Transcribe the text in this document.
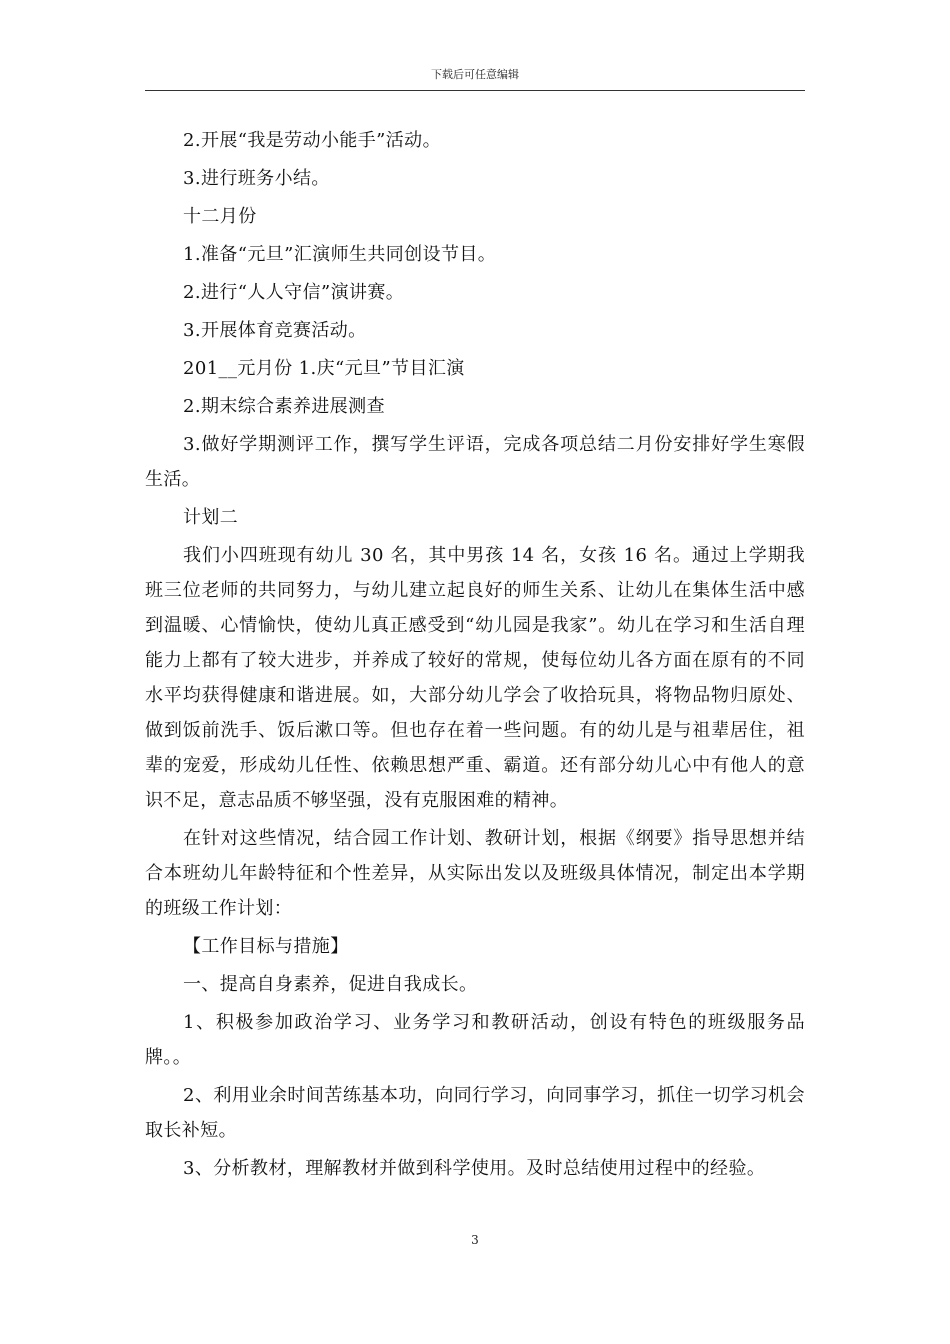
下载后可任意编辑

2.开展“我是劳动小能手”活动。

3.进行班务小结。

十二月份

1.准备“元旦”汇演师生共同创设节目。

2.进行“人人守信”演讲赛。

3.开展体育竞赛活动。

201__元月份 1.庆“元旦”节目汇演

2.期末综合素养进展测查

3.做好学期测评工作，撰写学生评语，完成各项总结二月份安排好学生寒假生活。

计划二

我们小四班现有幼儿 30 名，其中男孩 14 名，女孩 16 名。通过上学期我班三位老师的共同努力，与幼儿建立起良好的师生关系、让幼儿在集体生活中感到温暖、心情愉快，使幼儿真正感受到“幼儿园是我家”。幼儿在学习和生活自理能力上都有了较大进步，并养成了较好的常规，使每位幼儿各方面在原有的不同水平均获得健康和谐进展。如，大部分幼儿学会了收拾玩具，将物品物归原处、做到饭前洗手、饭后漱口等。但也存在着一些问题。有的幼儿是与祖辈居住，祖辈的宠爱，形成幼儿任性、依赖思想严重、霸道。还有部分幼儿心中有他人的意识不足，意志品质不够坚强，没有克服困难的精神。

在针对这些情况，结合园工作计划、教研计划，根据《纲要》指导思想并结合本班幼儿年龄特征和个性差异，从实际出发以及班级具体情况，制定出本学期的班级工作计划：

【工作目标与措施】

一、提高自身素养，促进自我成长。

1、积极参加政治学习、业务学习和教研活动，创设有特色的班级服务品牌。。

2、利用业余时间苦练基本功，向同行学习，向同事学习，抓住一切学习机会取长补短。

3、分析教材，理解教材并做到科学使用。及时总结使用过程中的经验。

3
